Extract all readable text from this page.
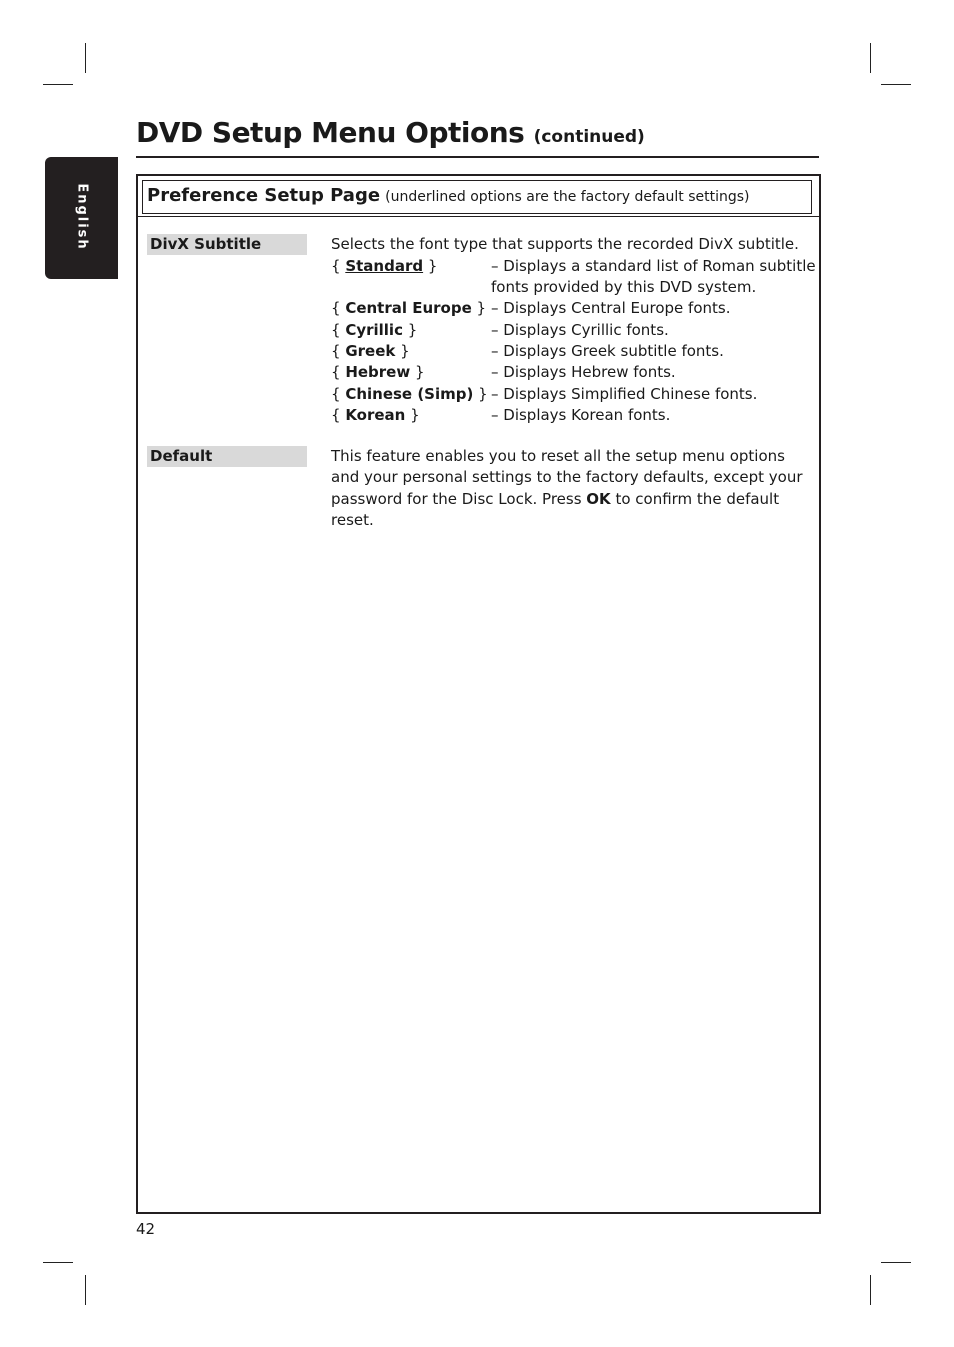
English
DVD Setup Menu Options (continued)
Preference Setup Page (underlined options are the factory default settings)
DivX Subtitle	Selects the font type that supports the recorded DivX subtitle.
{ Standard }	– Displays a standard list of Roman subtitle
fonts provided by this DVD system.
{ Central Europe } – Displays Central Europe fonts.
{ Cyrillic }	– Displays Cyrillic fonts.
{ Greek }	– Displays Greek subtitle fonts.
{ Hebrew }	– Displays Hebrew fonts.
{ Chinese (Simp) } – Displays Simplified Chinese fonts.
{ Korean }	– Displays Korean fonts.
Default	This feature enables you to reset all the setup menu options and your personal settings to the factory defaults, except your password for the Disc Lock. Press OK to confirm the default reset.
42
